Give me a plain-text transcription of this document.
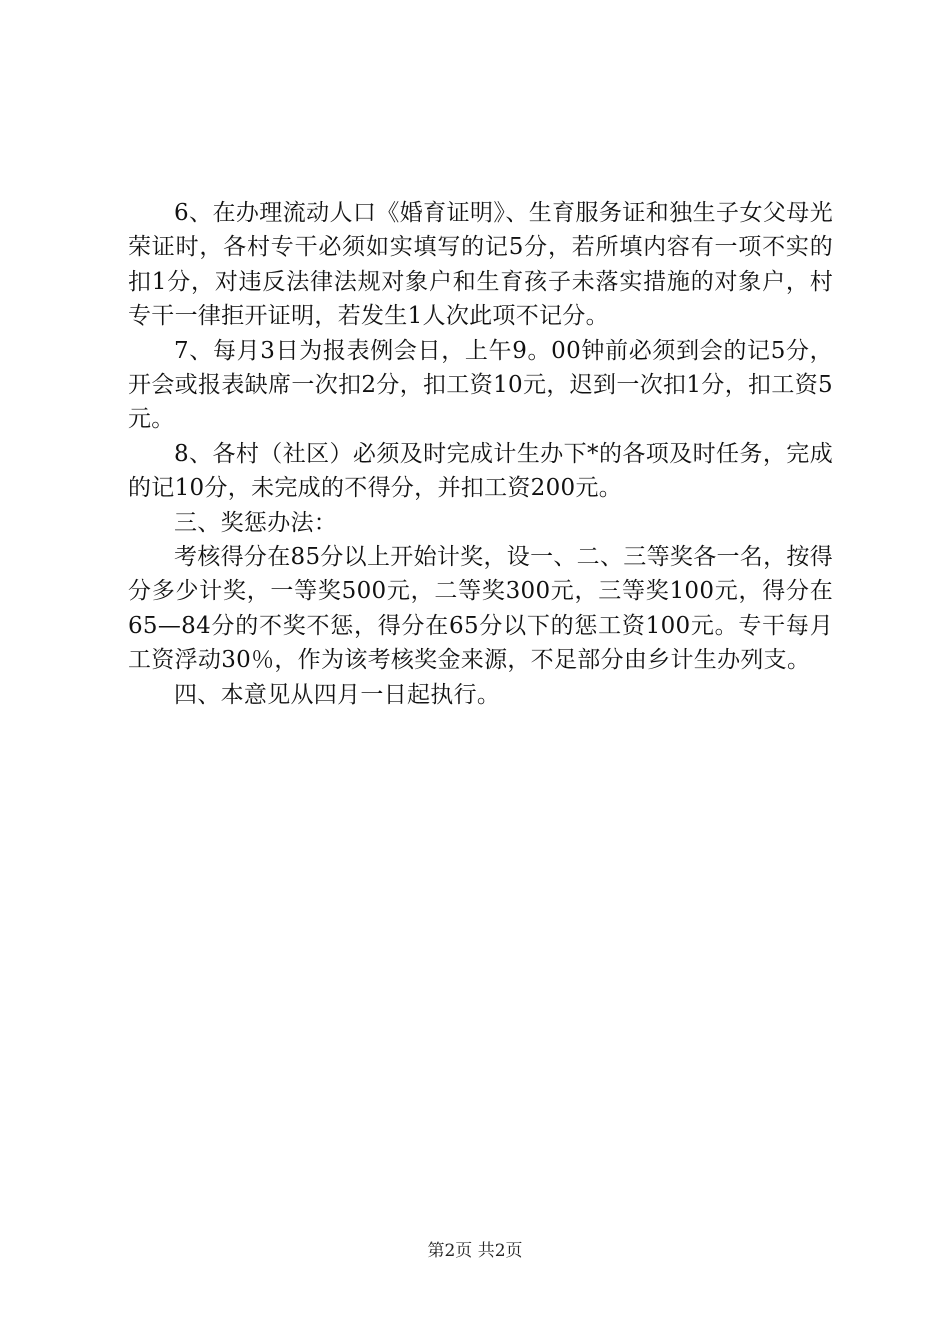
6、在办理流动人口《婚育证明》、生育服务证和独生子女父母光荣证时，各村专干必须如实填写的记5分，若所填内容有一项不实的扣1分，对违反法律法规对象户和生育孩子未落实措施的对象户，村专干一律拒开证明，若发生1人次此项不记分。

7、每月3日为报表例会日，上午9。00钟前必须到会的记5分，开会或报表缺席一次扣2分，扣工资10元，迟到一次扣1分，扣工资5元。

8、各村（社区）必须及时完成计生办下*的各项及时任务，完成的记10分，未完成的不得分，并扣工资200元。

三、奖惩办法：

考核得分在85分以上开始计奖，设一、二、三等奖各一名，按得分多少计奖，一等奖500元，二等奖300元，三等奖100元，得分在65—84分的不奖不惩，得分在65分以下的惩工资100元。专干每月工资浮动30％，作为该考核奖金来源，不足部分由乡计生办列支。

四、本意见从四月一日起执行。

第2页 共2页
